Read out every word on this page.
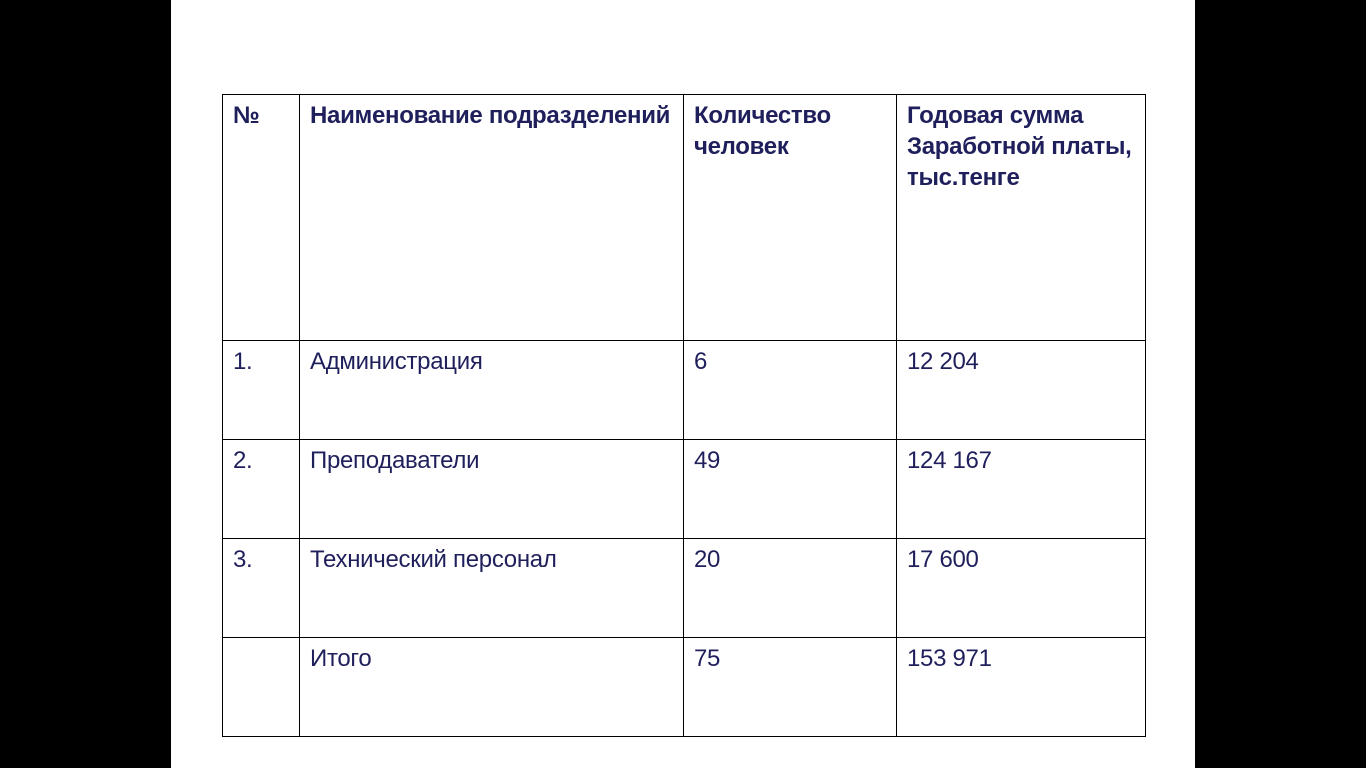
№	Наименование подразделений	Количество человек	Годовая сумма Заработной платы, тыс.тенге
1.	Администрация	6	12 204
2.	Преподаватели	49	124 167
3.	Технический персонал	20	17 600
	Итого	75	153 971
